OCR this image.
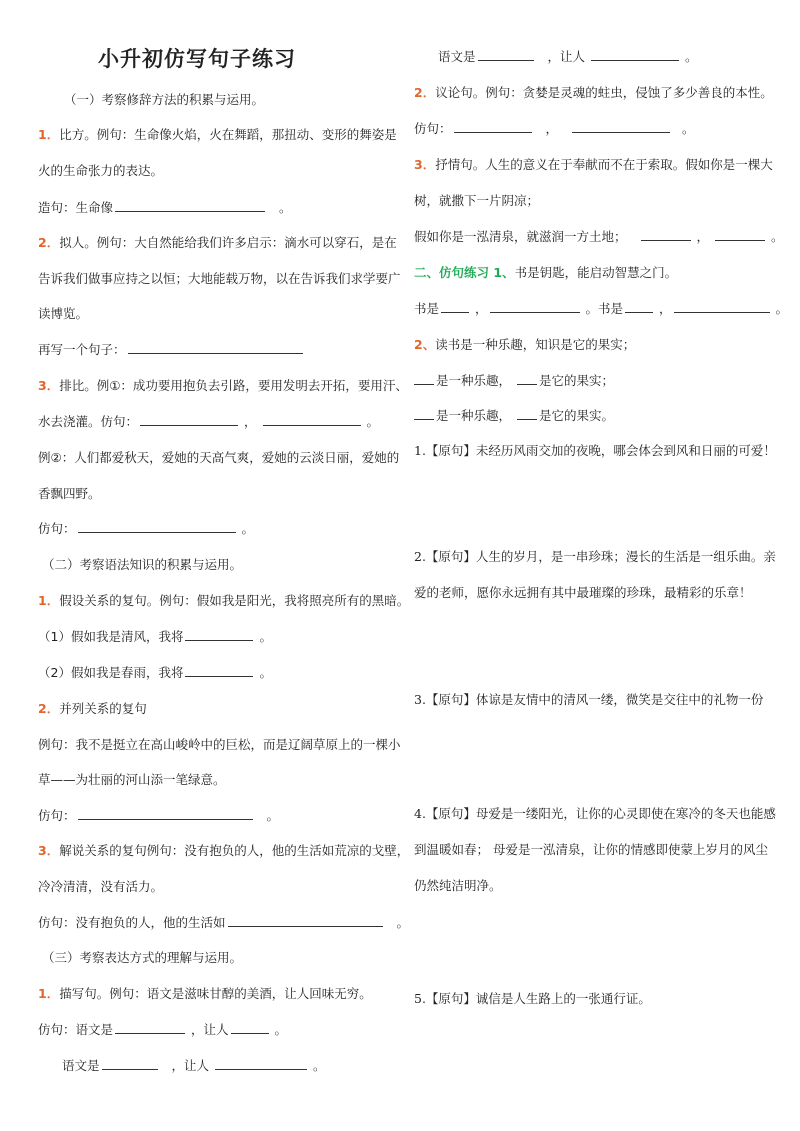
小升初仿写句子练习
（一）考察修辞方法的积累与运用。
1．比方。例句：生命像火焰，火在舞蹈，那扭动、变形的舞姿是
火的生命张力的表达。
造句：生命像	。
2．拟人。例句：大自然能给我们许多启示：滴水可以穿石，是在
告诉我们做事应持之以恒；大地能载万物，以在告诉我们求学要广
读博览。
再写一个句子：
3．排比。例①：成功要用抱负去引路，要用发明去开拓，要用汗、
水去浇灌。仿句：	，	。
例②：人们都爱秋天，爱她的天高气爽，爱她的云淡日丽，爱她的
香飘四野。
仿句：	。
（二）考察语法知识的积累与运用。
1．假设关系的复句。例句：假如我是阳光，我将照亮所有的黑暗。
（1）假如我是清风，我将	。
（2）假如我是春雨，我将	。
2．并列关系的复句
例句：我不是挺立在高山峻岭中的巨松，而是辽阔草原上的一棵小
草——为壮丽的河山添一笔绿意。
仿句：	。
3．解说关系的复句例句：没有抱负的人，他的生活如荒凉的戈壁，
冷冷清清，没有活力。
仿句：没有抱负的人，他的生活如	。
（三）考察表达方式的理解与运用。
1．描写句。例句：语文是滋味甘醇的美酒，让人回味无穷。
仿句：语文是	，让人	。
语文是	，让人	。
语文是	，让人	。
2．议论句。例句：贪婪是灵魂的蛀虫，侵蚀了多少善良的本性。
仿句：	，	。
3．抒情句。人生的意义在于奉献而不在于索取。假如你是一棵大
树，就撒下一片阴凉；
假如你是一泓清泉，就滋润一方土地；	，	。
二、仿句练习 1、书是钥匙，能启动智慧之门。
书是	，	。书是	，	。
2、读书是一种乐趣，知识是它的果实；
是一种乐趣， 是它的果实；
是一种乐趣， 是它的果实。
1.【原句】未经历风雨交加的夜晚，哪会体会到风和日丽的可爱！
2.【原句】人生的岁月，是一串珍珠；漫长的生活是一组乐曲。亲
爱的老师，愿你永远拥有其中最璀璨的珍珠，最精彩的乐章！
3.【原句】体谅是友情中的清风一缕，微笑是交往中的礼物一份
4.【原句】母爱是一缕阳光，让你的心灵即使在寒冷的冬天也能感
到温暖如春； 母爱是一泓清泉，让你的情感即使蒙上岁月的风尘
仍然纯洁明净。
5.【原句】诚信是人生路上的一张通行证。
